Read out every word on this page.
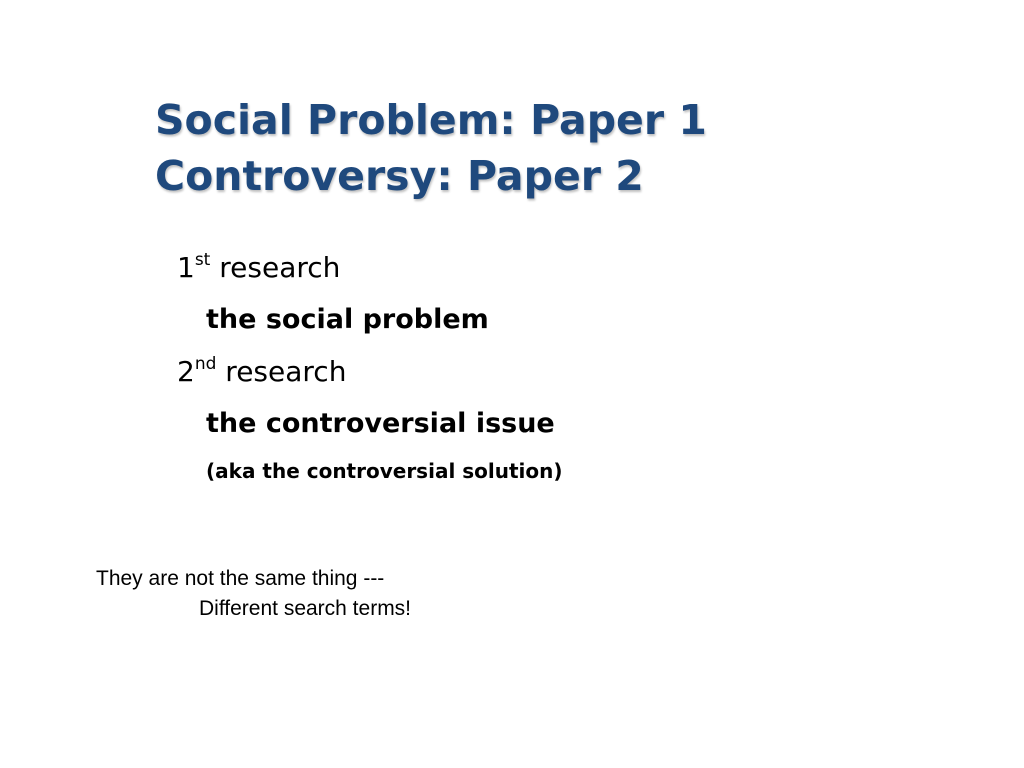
Social Problem: Paper 1
Controversy: Paper 2
1st research
the social problem
2nd research
the controversial issue
(aka the controversial solution)
They are not the same thing ---
Different search terms!
